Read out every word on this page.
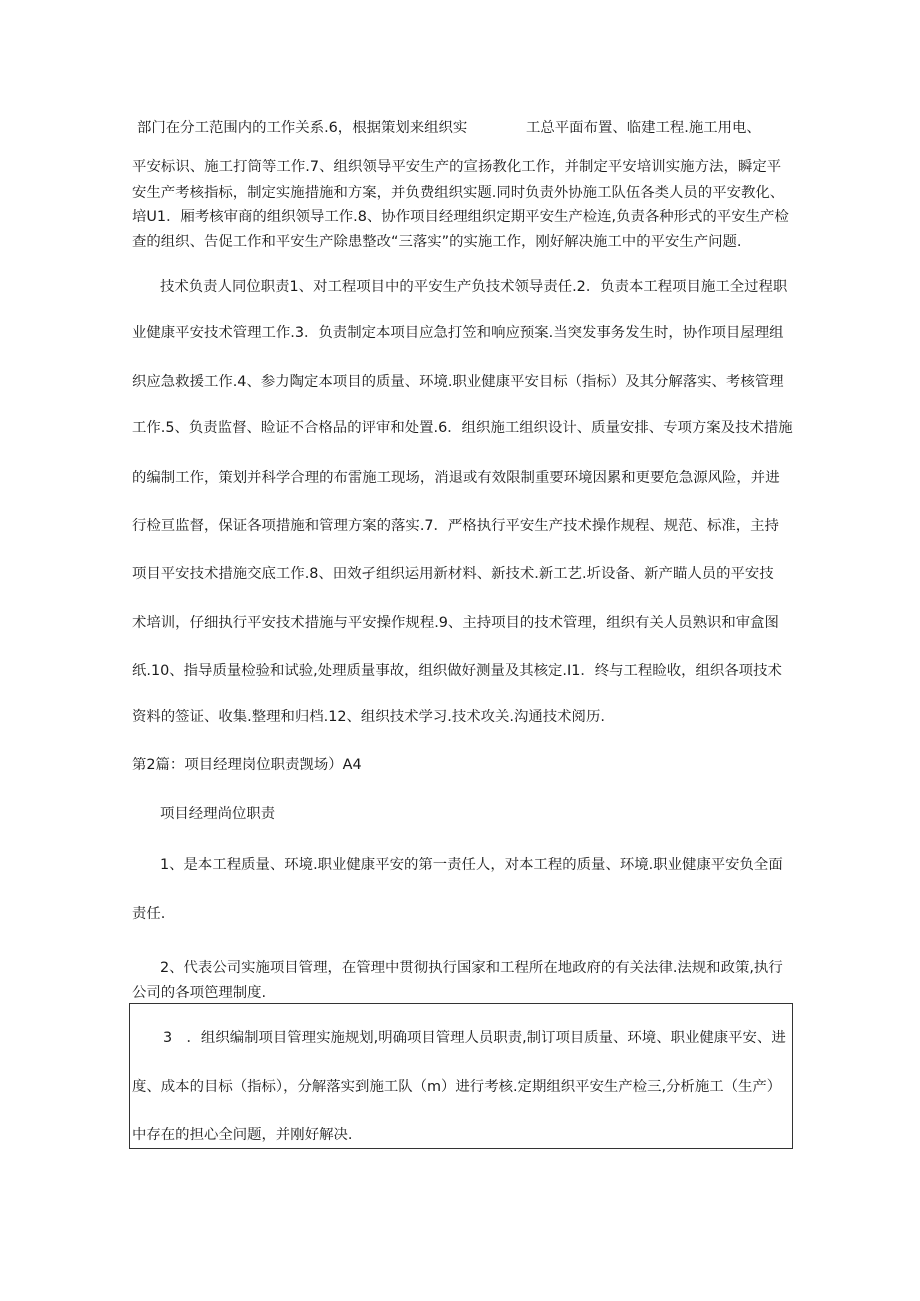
部门在分工范围内的工作关系.6，根据策划来组织实	工总平面布置、临建工程.施工用电、

平安标识、施工打筒等工作.7、组织领导平安生产的宣扬教化工作，并制定平安培训实施方法，瞬定平

安生产考核指标，制定实施措施和方案，并负费组织实题.同时负责外协施工队伍各类人员的平安教化、

培U1．厢考核审商的组织领导工作.8、协作项目经理组织定期平安生产检连,负责各种形式的平安生产检

查的组织、告促工作和平安生产除患整改“三落实”的实施工作，刚好解决施工中的平安生产问题.

技术负责人同位职责1、对工程项目中的平安生产负技术领导责任.2．负责本工程项目施工全过程职

业健康平安技术管理工作.3．负责制定本项目应急打笠和响应预案.当突发事务发生时，协作项目屋理组

织应急救援工作.4、参力陶定本项目的质量、环境.职业健康平安目标（指标）及其分解落实、考核管理

工作.5、负责监督、睑证不合格品的评审和处置.6．组织施工组织设计、质量安排、专项方案及技术措施

的编制工作，策划并科学合理的布雷施工现场，消退或有效限制重要环境因累和更要危急源风险，并进

行检亘监督，保证各项措施和管理方案的落实.7．严格执行平安生产技术操作规程、规范、标准，主持

项目平安技术措施交底工作.8、田效孑组织运用新材料、新技术.新工艺.圻设备、新产瞄人员的平安技

术培训，仔细执行平安技术措施与平安操作规程.9、主持项目的技术管理，组织有关人员熟识和审盒图

纸.10、指导质量检验和试验,处理质量事故，组织做好测量及其核定.I1．终与工程睑收，组织各项技术

资料的签证、收集.整理和归档.12、组织技术学习.技术攻关.沟通技术阅历.

第2篇：项目经理岗位职责觊场）A4

项目经理尚位职责

1、是本工程质量、环境.职业健康平安的第一责任人，对本工程的质量、环境.职业健康平安负全面

责任.

2、代表公司实施项目管理，在管理中贯彻执行国家和工程所在地政府的有关法律.法规和政策,执行

公司的各项笆理制度.

3　．组织编制项目管理实施规划,明确项目管理人员职责,制订项目质量、环境、职业健康平安、进

度、成本的目标（指标），分解落实到施工队（m）进行考核.定期组织平安生产检三,分析施工（生产）

中存在的担心全问题，并刚好解决.
